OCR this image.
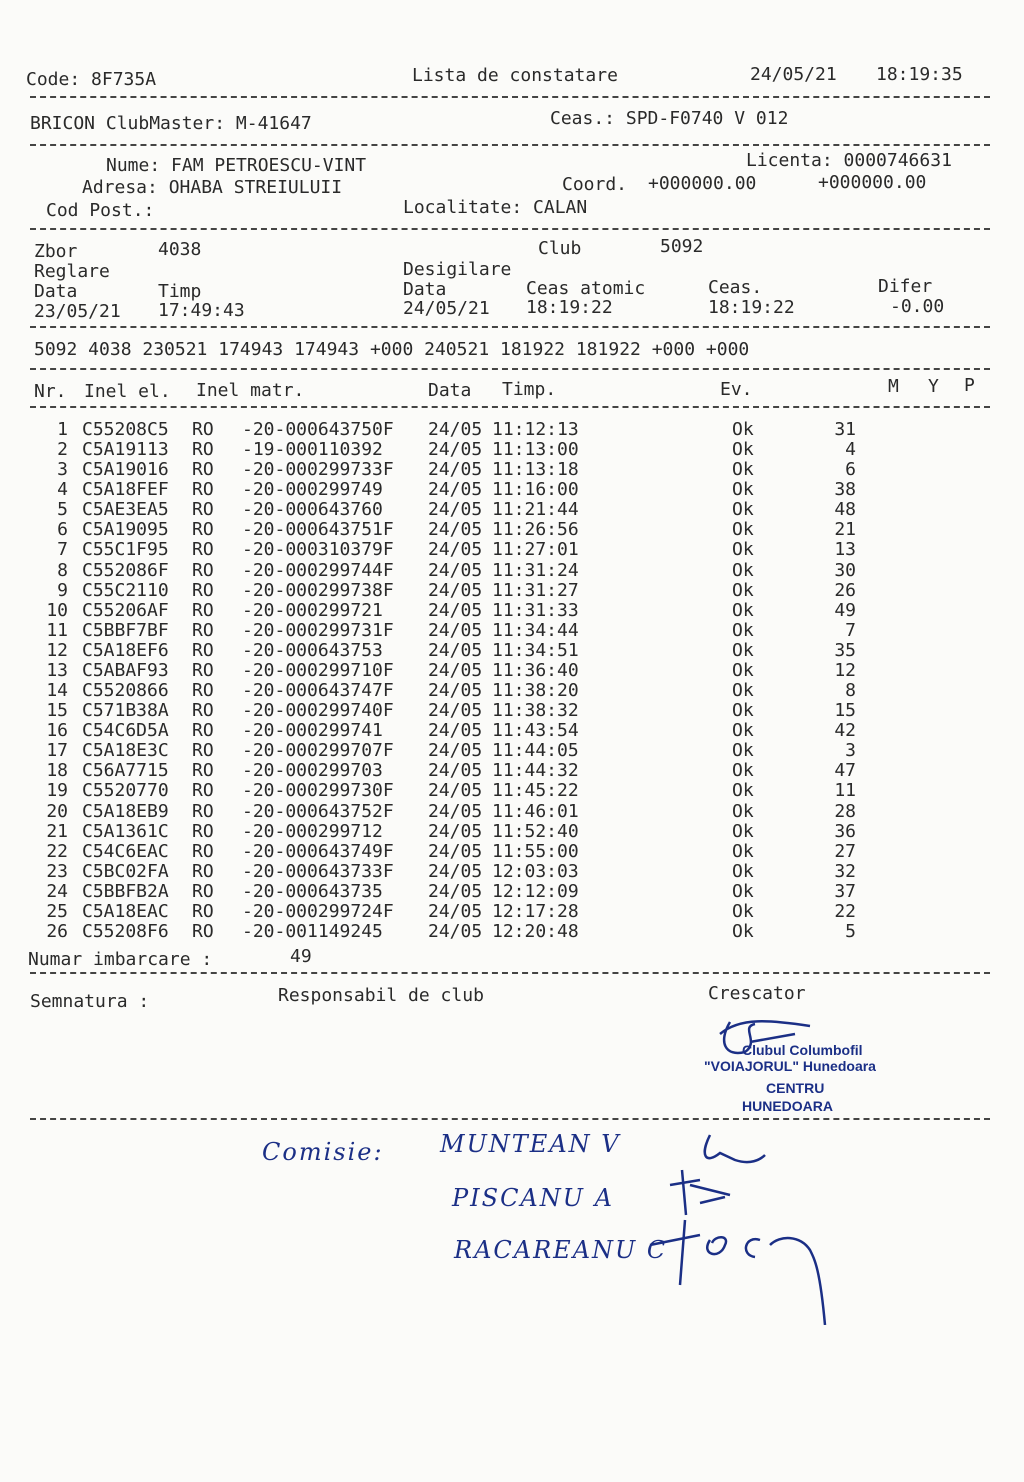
Code: 8F735A	Lista de constatare	24/05/21 18:19:35
BRICON ClubMaster: M-41647	Ceas.: SPD-F0740 V 012
Nume: FAM PETROESCU-VINT	Licenta: 0000746631
Adresa: OHABA STREIULUII	Coord. +000000.00	+000000.00
Cod Post.:	Localitate: CALAN
Zbor	4038	Club	5092
Reglare	Desigilare
Data	Timp	Data	Ceas atomic	Ceas.	Difer
23/05/21 17:49:43	24/05/21 18:19:22	18:19:22	-0.00
5092 4038 230521 174943 174943 +000 240521 181922 181922 +000 +000
Nr. Inel el. Inel matr.	Data Timp.	Ev.	M Y P
1 C55208C5 RO -20-000643750F 24/05 11:12:13	Ok	31
2 C5A19113 RO -19-000110392	24/05 11:13:00	Ok	4
3 C5A19016 RO -20-000299733F 24/05 11:13:18	Ok	6
4 C5A18FEF RO -20-000299749	24/05 11:16:00	Ok	38
5 C5AE3EA5 RO -20-000643760	24/05 11:21:44	Ok	48
6 C5A19095 RO -20-000643751F 24/05 11:26:56	Ok	21
7 C55C1F95 RO -20-000310379F 24/05 11:27:01	Ok	13
8 C552086F RO -20-000299744F 24/05 11:31:24	Ok	30
9 C55C2110 RO -20-000299738F 24/05 11:31:27	Ok	26
10 C55206AF RO -20-000299721	24/05 11:31:33	Ok	49
11 C5BBF7BF RO -20-000299731F 24/05 11:34:44	Ok	7
12 C5A18EF6 RO -20-000643753	24/05 11:34:51	Ok	35
13 C5ABAF93 RO -20-000299710F 24/05 11:36:40	Ok	12
14 C5520866 RO -20-000643747F 24/05 11:38:20	Ok	8
15 C571B38A RO -20-000299740F 24/05 11:38:32	Ok	15
16 C54C6D5A RO -20-000299741	24/05 11:43:54	Ok	42
17 C5A18E3C RO -20-000299707F 24/05 11:44:05	Ok	3
18 C56A7715 RO -20-000299703	24/05 11:44:32	Ok	47
19 C5520770 RO -20-000299730F 24/05 11:45:22	Ok	11
20 C5A18EB9 RO -20-000643752F 24/05 11:46:01	Ok	28
21 C5A1361C RO -20-000299712	24/05 11:52:40	Ok	36
22 C54C6EAC RO -20-000643749F 24/05 11:55:00	Ok	27
23 C5BC02FA RO -20-000643733F 24/05 12:03:03	Ok	32
24 C5BBFB2A RO -20-000643735	24/05 12:12:09	Ok	37
25 C5A18EAC RO -20-000299724F 24/05 12:17:28	Ok	22
26 C55208F6 RO -20-001149245	24/05 12:20:48	Ok	5
Numar imbarcare :	49
Semnatura :	Responsabil de club	Crescator
Clubul Columbofil
"VOIAJORUL" Hunedoara
CENTRU
HUNEDOARA
Comisie: MUNTEAN V
PISCANU A
RACAREANU C
